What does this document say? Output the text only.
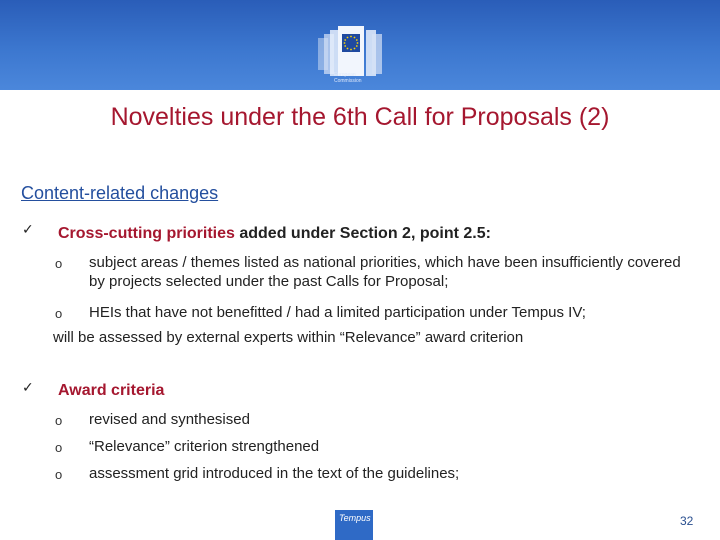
European Commission
Novelties under the 6th Call for Proposals (2)
Content-related changes
✓ Cross-cutting priorities added under Section 2, point 2.5:
o subject areas / themes listed as national priorities, which have been insufficiently covered by projects selected under the past Calls for Proposal;
o HEIs that have not benefitted / had a limited participation under Tempus IV;
will be assessed by external experts within “Relevance” award criterion
✓ Award criteria
o revised and synthesised
o “Relevance” criterion strengthened
o assessment grid introduced in the text of the guidelines;
Tempus	32
